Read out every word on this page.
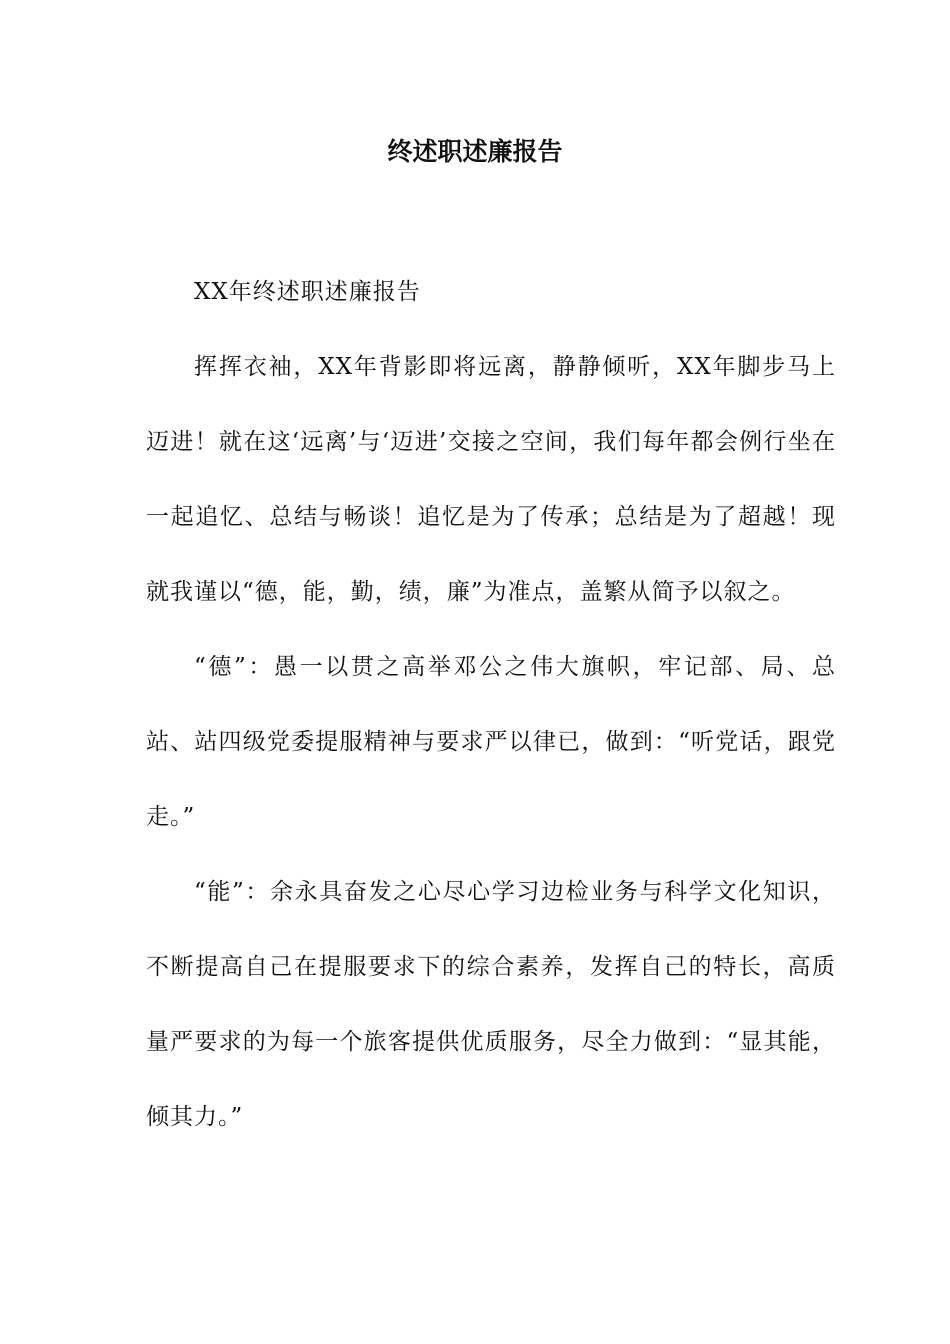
终述职述廉报告

XX年终述职述廉报告

挥挥衣袖，XX年背影即将远离，静静倾听，XX年脚步马上迈进！就在这‘远离’与‘迈进’交接之空间，我们每年都会例行坐在一起追忆、总结与畅谈！追忆是为了传承；总结是为了超越！现就我谨以“德，能，勤，绩，廉”为准点，盖繁从简予以叙之。

“德”：愚一以贯之高举邓公之伟大旗帜，牢记部、局、总站、站四级党委提服精神与要求严以律已，做到：“听党话，跟党走。”

“能”：余永具奋发之心尽心学习边检业务与科学文化知识，不断提高自己在提服要求下的综合素养，发挥自己的特长，高质量严要求的为每一个旅客提供优质服务，尽全力做到：“显其能，倾其力。”
